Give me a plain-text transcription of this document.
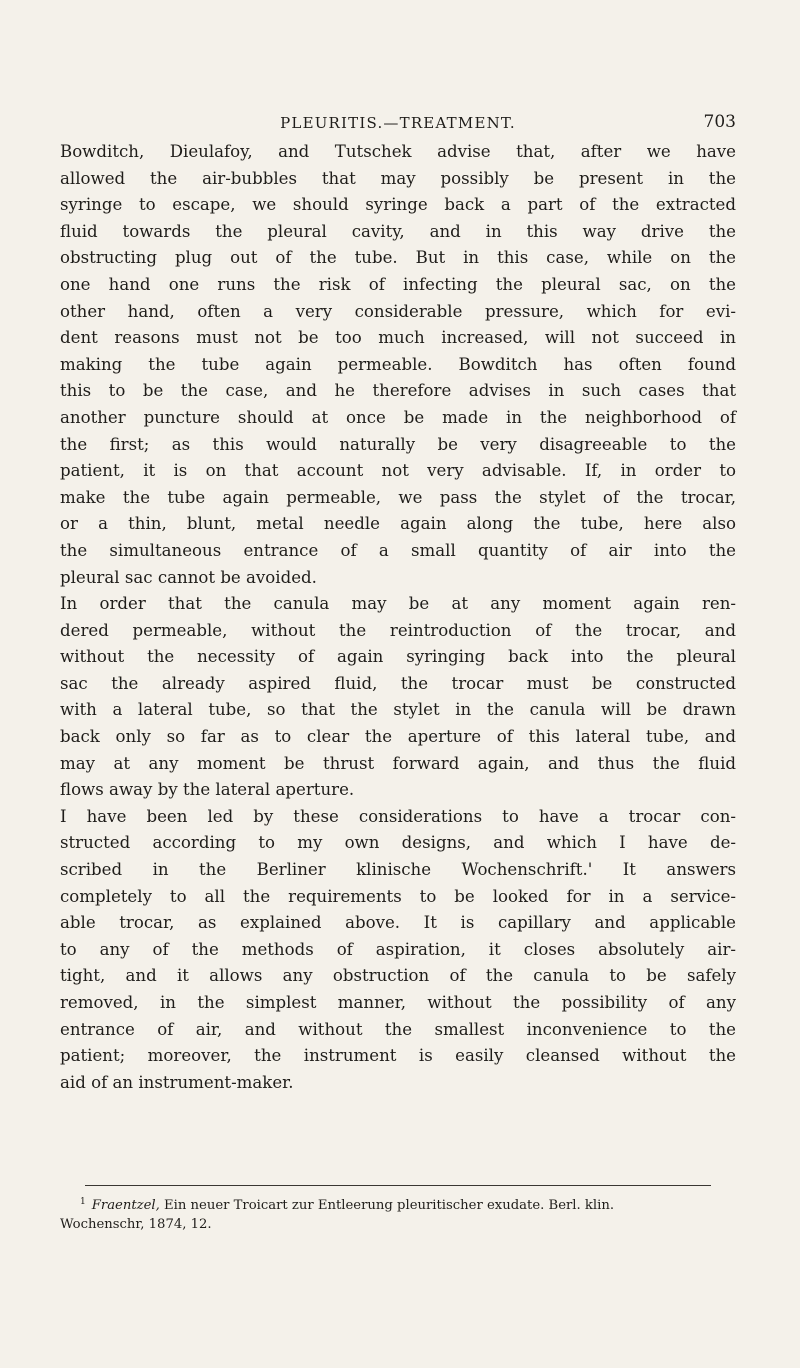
PLEURITIS.—TREATMENT.	703
Bowditch, Dieulafoy, and Tutschek advise that, after we have
allowed the air-bubbles that may possibly be present in the
syringe to escape, we should syringe back a part of the extracted
fluid towards the pleural cavity, and in this way drive the
obstructing plug out of the tube. But in this case, while on the
one hand one runs the risk of infecting the pleural sac, on the
other hand, often a very considerable pressure, which for evi-
dent reasons must not be too much increased, will not succeed in
making the tube again permeable. Bowditch has often found
this to be the case, and he therefore advises in such cases that
another puncture should at once be made in the neighborhood of
the first; as this would naturally be very disagreeable to the
patient, it is on that account not very advisable. If, in order to
make the tube again permeable, we pass the stylet of the trocar,
or a thin, blunt, metal needle again along the tube, here also
the simultaneous entrance of a small quantity of air into the
pleural sac cannot be avoided.
In order that the canula may be at any moment again ren-
dered permeable, without the reintroduction of the trocar, and
without the necessity of again syringing back into the pleural
sac the already aspired fluid, the trocar must be constructed
with a lateral tube, so that the stylet in the canula will be drawn
back only so far as to clear the aperture of this lateral tube, and
may at any moment be thrust forward again, and thus the fluid
flows away by the lateral aperture.
I have been led by these considerations to have a trocar con-
structed according to my own designs, and which I have de-
scribed in the Berliner klinische Wochenschrift.' It answers
completely to all the requirements to be looked for in a service-
able trocar, as explained above. It is capillary and applicable
to any of the methods of aspiration, it closes absolutely air-
tight, and it allows any obstruction of the canula to be safely
removed, in the simplest manner, without the possibility of any
entrance of air, and without the smallest inconvenience to the
patient; moreover, the instrument is easily cleansed without the
aid of an instrument-maker.
$^1$ Fraentzel, Ein neuer Troicart zur Entleerung pleuritischer exudate. Berl. klin.
Wochenschr, 1874, 12.
